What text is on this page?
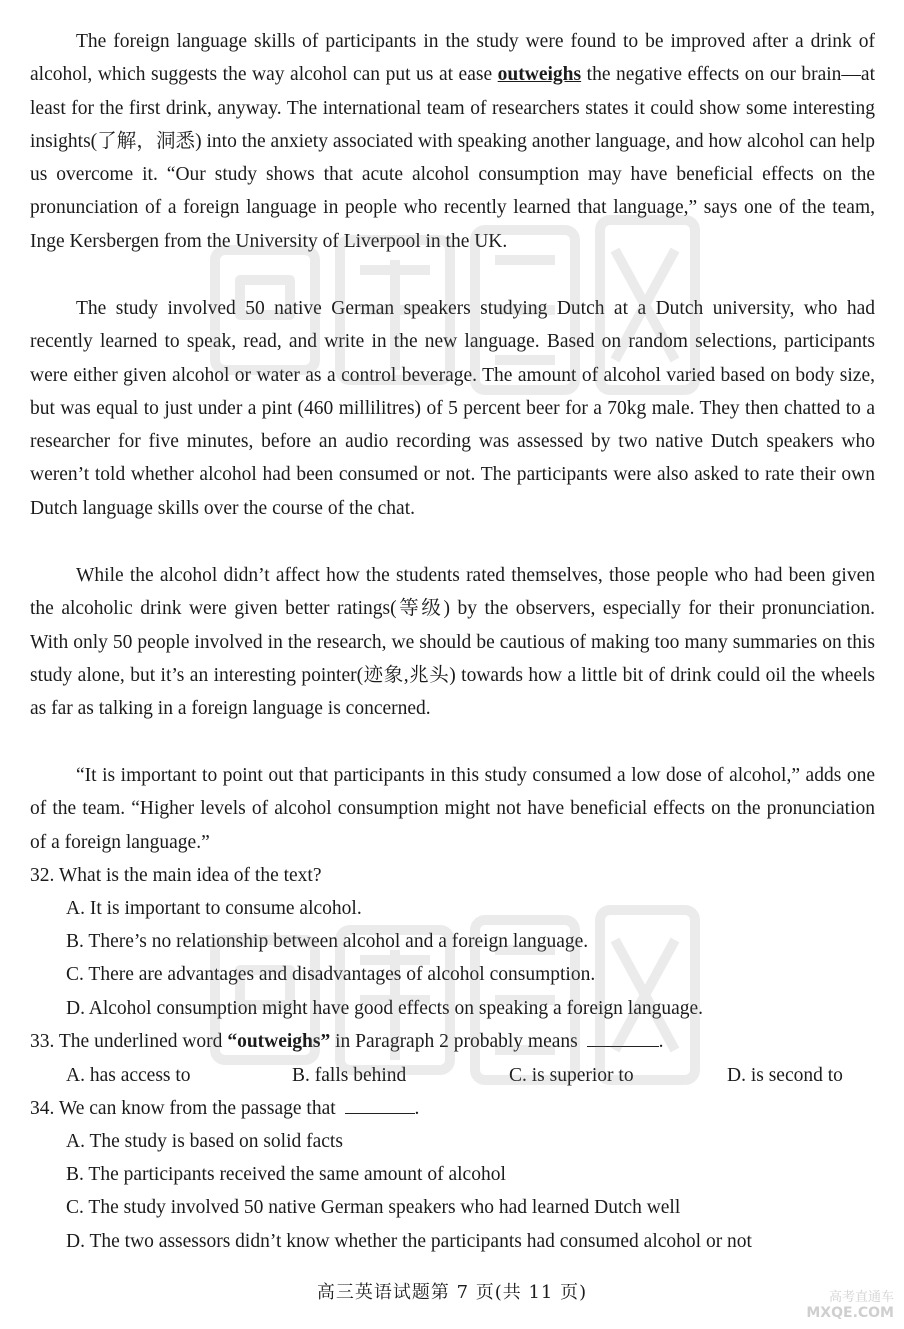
The foreign language skills of participants in the study were found to be improved after a drink of alcohol, which suggests the way alcohol can put us at ease outweighs the negative effects on our brain—at least for the first drink, anyway. The international team of researchers states it could show some interesting insights(了解，洞悉) into the anxiety associated with speaking another language, and how alcohol can help us overcome it. “Our study shows that acute alcohol consumption may have beneficial effects on the pronunciation of a foreign language in people who recently learned that language,” says one of the team, Inge Kersbergen from the University of Liverpool in the UK.

The study involved 50 native German speakers studying Dutch at a Dutch university, who had recently learned to speak, read, and write in the new language. Based on random selections, participants were either given alcohol or water as a control beverage. The amount of alcohol varied based on body size, but was equal to just under a pint (460 millilitres) of 5 percent beer for a 70kg male. They then chatted to a researcher for five minutes, before an audio recording was assessed by two native Dutch speakers who weren’t told whether alcohol had been consumed or not. The participants were also asked to rate their own Dutch language skills over the course of the chat.

While the alcohol didn’t affect how the students rated themselves, those people who had been given the alcoholic drink were given better ratings(等级) by the observers, especially for their pronunciation. With only 50 people involved in the research, we should be cautious of making too many summaries on this study alone, but it’s an interesting pointer(迹象,兆头) towards how a little bit of drink could oil the wheels as far as talking in a foreign language is concerned.

“It is important to point out that participants in this study consumed a low dose of alcohol,” adds one of the team. “Higher levels of alcohol consumption might not have beneficial effects on the pronunciation of a foreign language.”

32. What is the main idea of the text?
A. It is important to consume alcohol.
B. There’s no relationship between alcohol and a foreign language.
C. There are advantages and disadvantages of alcohol consumption.
D. Alcohol consumption might have good effects on speaking a foreign language.
33. The underlined word “outweighs” in Paragraph 2 probably means	.
A. has access to	B. falls behind	C. is superior to	D. is second to
34. We can know from the passage that	.
A. The study is based on solid facts
B. The participants received the same amount of alcohol
C. The study involved 50 native German speakers who had learned Dutch well
D. The two assessors didn’t know whether the participants had consumed alcohol or not
高三英语试题第 7 页(共 11 页)	高考直通车
MXQE.COM
